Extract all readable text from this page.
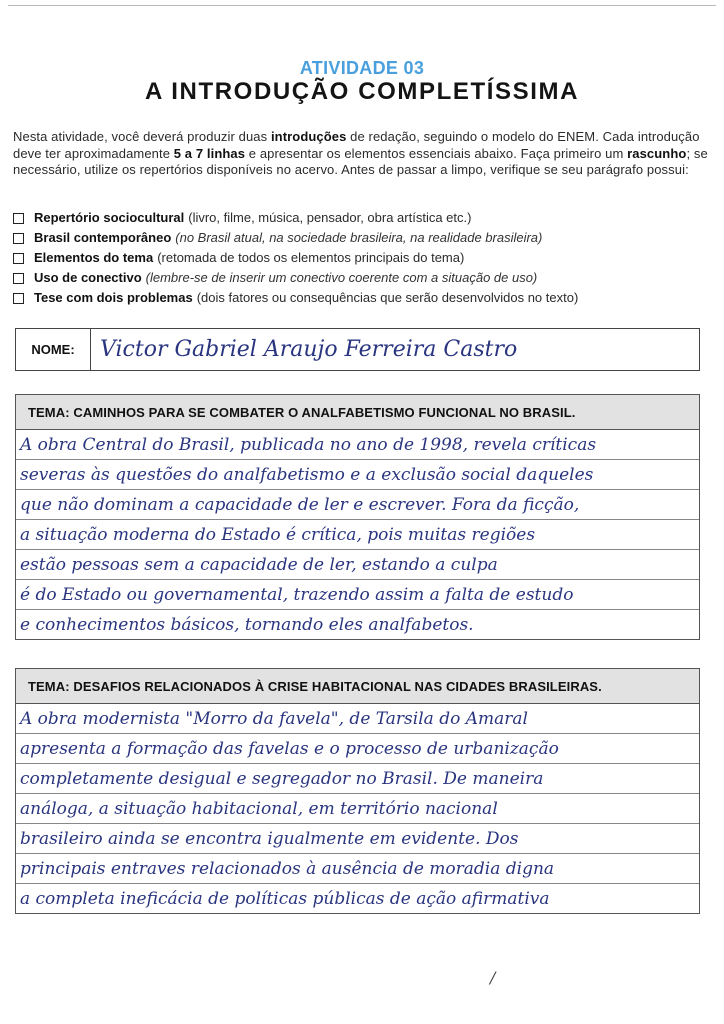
ATIVIDADE 03
A INTRODUÇÃO COMPLETÍSSIMA
Nesta atividade, você deverá produzir duas introduções de redação, seguindo o modelo do ENEM. Cada introdução deve ter aproximadamente 5 a 7 linhas e apresentar os elementos essenciais abaixo. Faça primeiro um rascunho; se necessário, utilize os repertórios disponíveis no acervo. Antes de passar a limpo, verifique se seu parágrafo possui:
Repertório sociocultural (livro, filme, música, pensador, obra artística etc.)
Brasil contemporâneo (no Brasil atual, na sociedade brasileira, na realidade brasileira)
Elementos do tema (retomada de todos os elementos principais do tema)
Uso de conectivo (lembre-se de inserir um conectivo coerente com a situação de uso)
Tese com dois problemas (dois fatores ou consequências que serão desenvolvidos no texto)
NOME:	Victor Gabriel Araujo Ferreira Castro
TEMA: CAMINHOS PARA SE COMBATER O ANALFABETISMO FUNCIONAL NO BRASIL.
A obra Central do Brasil, publicada no ano de 1998, revela críticas
severas às questões do analfabetismo e a exclusão social daqueles
que não dominam a capacidade de ler e escrever. Fora da ficção,
a situação moderna do Estado é crítica, pois muitas regiões
estão pessoas sem a capacidade de ler, estando a culpa
é do Estado ou governamental, trazendo assim a falta de estudo
e conhecimentos básicos, tornando eles analfabetos.
TEMA: DESAFIOS RELACIONADOS À CRISE HABITACIONAL NAS CIDADES BRASILEIRAS.
A obra modernista "Morro da favela", de Tarsila do Amaral
apresenta a formação das favelas e o processo de urbanização
completamente desigual e segregador no Brasil. De maneira
análoga, a situação habitacional, em território nacional
brasileiro ainda se encontra igualmente em evidente. Dos
principais entraves relacionados à ausência de moradia digna
a completa ineficácia de políticas públicas de ação afirmativa
/
